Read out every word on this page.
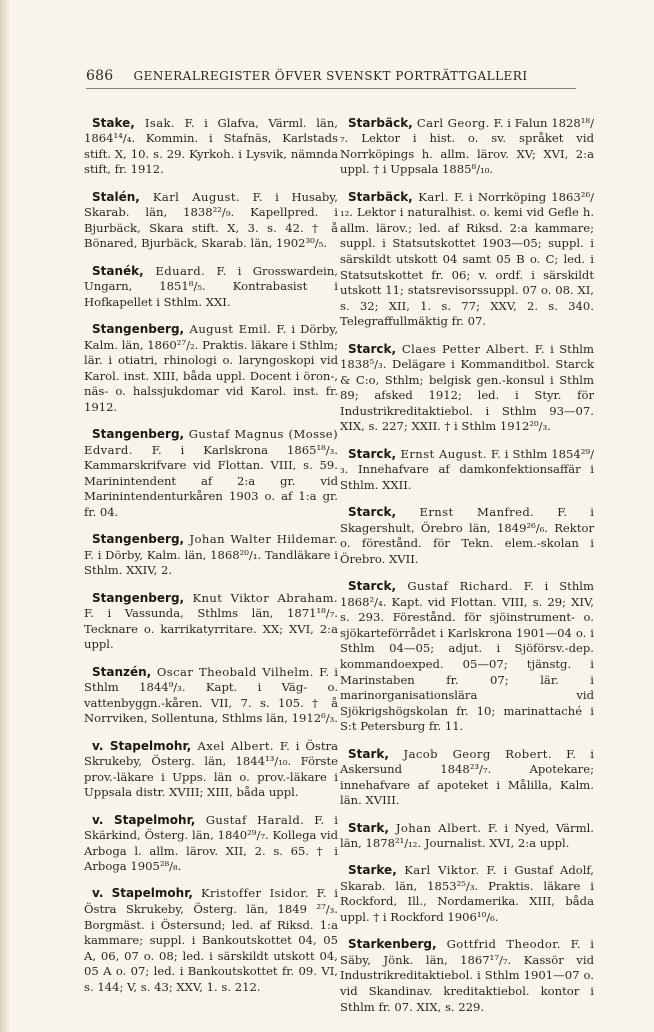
686 GENERALREGISTER ÖFVER SVENSKT PORTRÄTTGALLERI

Stake, Isak. F. i Glafva, Värml. län, 1864¹⁴/₄. Kommin. i Stafnäs, Karlstads stift. X, 10. s. 29. Kyrkoh. i Lysvik, nämnda stift, fr. 1912.

Stalén, Karl August. F. i Husaby, Skarab. län, 1838²²/₉. Kapellpred. i Bjurbäck, Skara stift. X, 3. s. 42. † å Bönared, Bjurbäck, Skarab. län, 1902³⁰/₅.

Stanék, Eduard. F. i Grosswardein, Ungarn, 1851⁸/₅. Kontrabasist i Hofkapellet i Sthlm. XXI.

Stangenberg, August Emil. F. i Dörby, Kalm. län, 1860²⁷/₂. Praktis. läkare i Sthlm; lär. i otiatri, rhinologi o. laryngoskopi vid Karol. inst. XIII, båda uppl. Docent i öron-, näs- o. halssjukdomar vid Karol. inst. fr. 1912.

Stangenberg, Gustaf Magnus (Mosse) Edvard. F. i Karlskrona 1865¹⁸/₃. Kammarskrifvare vid Flottan. VIII, s. 59. Marinintendent af 2:a gr. vid Marinintendenturkåren 1903 o. af 1:a gr. fr. 04.

Stangenberg, Johan Walter Hildemar. F. i Dörby, Kalm. län, 1868²⁰/₁. Tandläkare i Sthlm. XXIV, 2.

Stangenberg, Knut Viktor Abraham. F. i Vassunda, Sthlms län, 1871¹⁸/₇. Tecknare o. karrikatyrritare. XX; XVI, 2:a uppl.

Stanzén, Oscar Theobald Vilhelm. F. i Sthlm 1844⁹/₃. Kapt. i Väg- o. vattenbyggn.-kåren. VII, 7. s. 105. † å Norrviken, Sollentuna, Sthlms län, 1912⁶/₃.

v. Stapelmohr, Axel Albert. F. i Östra Skrukeby, Österg. län, 1844¹³/₁₀. Förste prov.-läkare i Upps. län o. prov.-läkare i Uppsala distr. XVIII; XIII, båda uppl.

v. Stapelmohr, Gustaf Harald. F. i Skärkind, Österg. län, 1840²⁹/₇. Kollega vid Arboga l. allm. lärov. XII, 2. s. 65. † i Arboga 1905²⁸/₈.

v. Stapelmohr, Kristoffer Isidor. F. i Östra Skrukeby, Österg. län, 1849 ²⁷/₃. Borgmäst. i Östersund; led. af Riksd. 1:a kammare; suppl. i Bankoutskottet 04, 05 A, 06, 07 o. 08; led. i särskildt utskott 04, 05 A o. 07; led. i Bankoutskottet fr. 09. VI, s. 144; V, s. 43; XXV, 1. s. 212.

Starbäck, Carl Georg. F. i Falun 1828¹⁸/₇. Lektor i hist. o. sv. språket vid Norrköpings h. allm. lärov. XV; XVI, 2:a uppl. † i Uppsala 1885⁸/₁₀.

Starbäck, Karl. F. i Norrköping 1863²⁶/₁₂. Lektor i naturalhist. o. kemi vid Gefle h. allm. lärov.; led. af Riksd. 2:a kammare; suppl. i Statsutskottet 1903—05; suppl. i särskildt utskott 04 samt 05 B o. C; led. i Statsutskottet fr. 06; v. ordf. i särskildt utskott 11; statsrevisorssuppl. 07 o. 08. XI, s. 32; XII, 1. s. 77; XXV, 2. s. 340. Telegraffullmäktig fr. 07.

Starck, Claes Petter Albert. F. i Sthlm 1838⁵/₃. Delägare i Kommanditbol. Starck & C:o, Sthlm; belgisk gen.-konsul i Sthlm 89; afsked 1912; led. i Styr. för Industrikreditaktiebol. i Sthlm 93—07. XIX, s. 227; XXII. † i Sthlm 1912²⁰/₃.

Starck, Ernst August. F. i Sthlm 1854²⁹/₃. Innehafvare af damkonfektionsaffär i Sthlm. XXII.

Starck, Ernst Manfred. F. i Skagershult, Örebro län, 1849²⁶/₆. Rektor o. förestånd. för Tekn. elem.-skolan i Örebro. XVII.

Starck, Gustaf Richard. F. i Sthlm 1868²/₄. Kapt. vid Flottan. VIII, s. 29; XIV, s. 293. Förestånd. för sjöinstrument- o. sjökarteförrådet i Karlskrona 1901—04 o. i Sthlm 04—05; adjut. i Sjöförsv.-dep. kommandoexped. 05—07; tjänstg. i Marinstaben fr. 07; lär. i marinorganisationslära vid Sjökrigshögskolan fr. 10; marinattaché i S:t Petersburg fr. 11.

Stark, Jacob Georg Robert. F. i Askersund 1848²³/₇. Apotekare; innehafvare af apoteket i Målilla, Kalm. län. XVIII.

Stark, Johan Albert. F. i Nyed, Värml. län, 1878²¹/₁₂. Journalist. XVI, 2:a uppl.

Starke, Karl Viktor. F. i Gustaf Adolf, Skarab. län, 1853²⁵/₃. Praktis. läkare i Rockford, Ill., Nordamerika. XIII, båda uppl. † i Rockford 1906¹⁰/₆.

Starkenberg, Gottfrid Theodor. F. i Säby, Jönk. län, 1867¹⁷/₇. Kassör vid Industrikreditaktiebol. i Sthlm 1901—07 o. vid Skandinav. kreditaktiebol. kontor i Sthlm fr. 07. XIX, s. 229.
